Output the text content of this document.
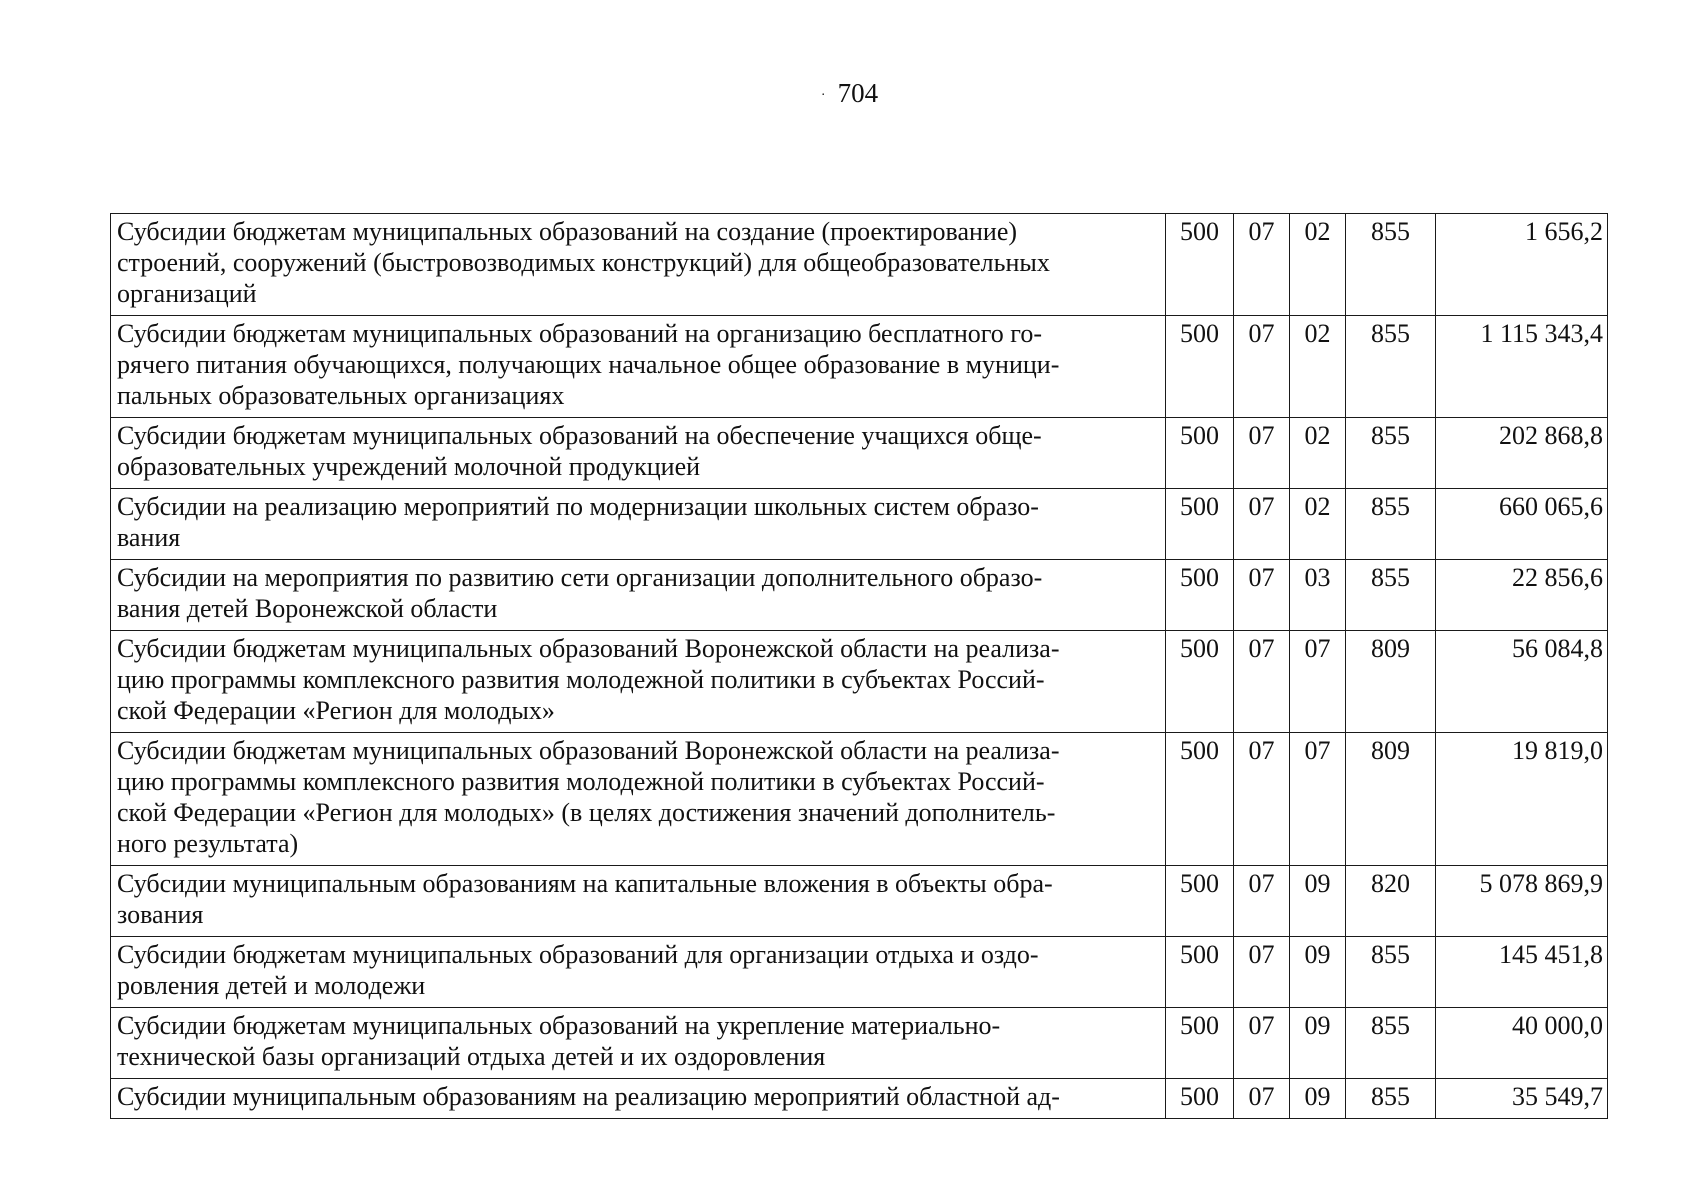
· 704
Субсидии бюджетам муниципальных образований на создание (проектирование)
строений, сооружений (быстровозводимых конструкций) для общеобразовательных
организаций	500	07	02	855	1 656,2

Субсидии бюджетам муниципальных образований на организацию бесплатного го-
рячего питания обучающихся, получающих начальное общее образование в муници-
пальных образовательных организациях	500	07	02	855	1 115 343,4

Субсидии бюджетам муниципальных образований на обеспечение учащихся обще-
образовательных учреждений молочной продукцией	500	07	02	855	202 868,8

Субсидии на реализацию мероприятий по модернизации школьных систем образо-
вания	500	07	02	855	660 065,6

Субсидии на мероприятия по развитию сети организации дополнительного образо-
вания детей Воронежской области	500	07	03	855	22 856,6

Субсидии бюджетам муниципальных образований Воронежской области на реализа-
цию программы комплексного развития молодежной политики в субъектах Россий-
ской Федерации «Регион для молодых»	500	07	07	809	56 084,8

Субсидии бюджетам муниципальных образований Воронежской области на реализа-
цию программы комплексного развития молодежной политики в субъектах Россий-
ской Федерации «Регион для молодых» (в целях достижения значений дополнитель-
ного результата)	500	07	07	809	19 819,0

Субсидии муниципальным образованиям на капитальные вложения в объекты обра-
зования	500	07	09	820	5 078 869,9

Субсидии бюджетам муниципальных образований для организации отдыха и оздо-
ровления детей и молодежи	500	07	09	855	145 451,8

Субсидии бюджетам муниципальных образований на укрепление материально-
технической базы организаций отдыха детей и их оздоровления	500	07	09	855	40 000,0

Субсидии муниципальным образованиям на реализацию мероприятий областной ад-	500	07	09	855	35 549,7
